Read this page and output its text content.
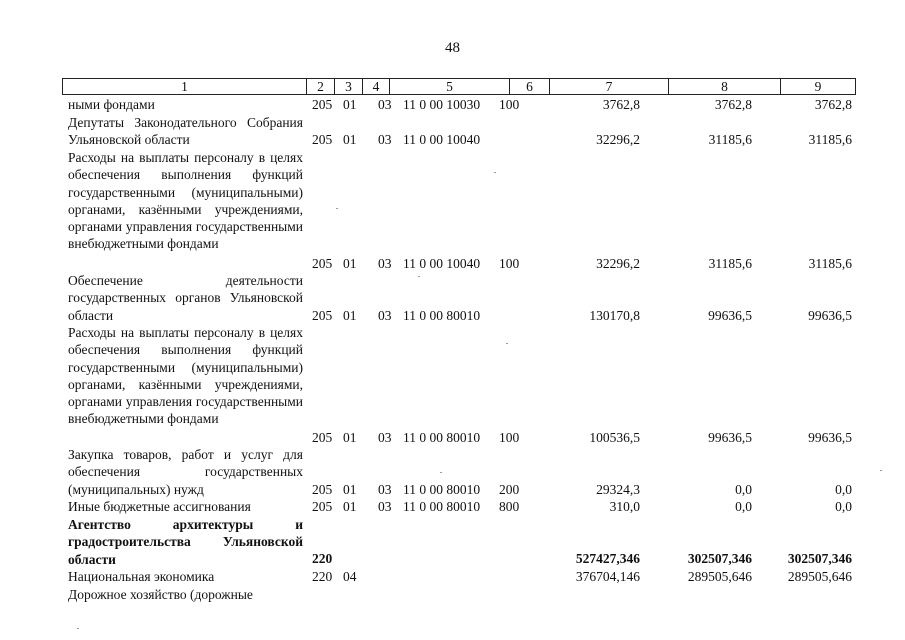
48
1	2	3	4	5	6	7	8	9
ными фондами	205 01 03 11 0 00 10030 100	3762,8	3762,8	3762,8
Депутаты Законодательного Собрания Ульяновской области	205 01 03 11 0 00 10040	32296,2	31185,6	31185,6
Расходы на выплаты персоналу в целях обеспечения выполнения функций государственными (муниципальными) органами, казёнными учреждениями, органами управления государственными внебюджетными фондами
205 01 03 11 0 00 10040 100	32296,2	31185,6	31185,6
Обеспечение деятельности государственных органов Ульяновской области	205 01 03 11 0 00 80010	130170,8	99636,5	99636,5
Расходы на выплаты персоналу в целях обеспечения выполнения функций государственными (муниципальными) органами, казёнными учреждениями, органами управления государственными внебюджетными фондами
205 01 03 11 0 00 80010 100	100536,5	99636,5	99636,5
Закупка товаров, работ и услуг для обеспечения государственных (муниципальных) нужд	205 01 03 11 0 00 80010 200	29324,3	0,0	0,0
Иные бюджетные ассигнования	205 01 03 11 0 00 80010 800	310,0	0,0	0,0
Агентство архитектуры и градостроительства Ульяновской области	220	527427,346	302507,346	302507,346
Национальная экономика	220 04	376704,146	289505,646	289505,646
Дорожное хозяйство (дорожные
